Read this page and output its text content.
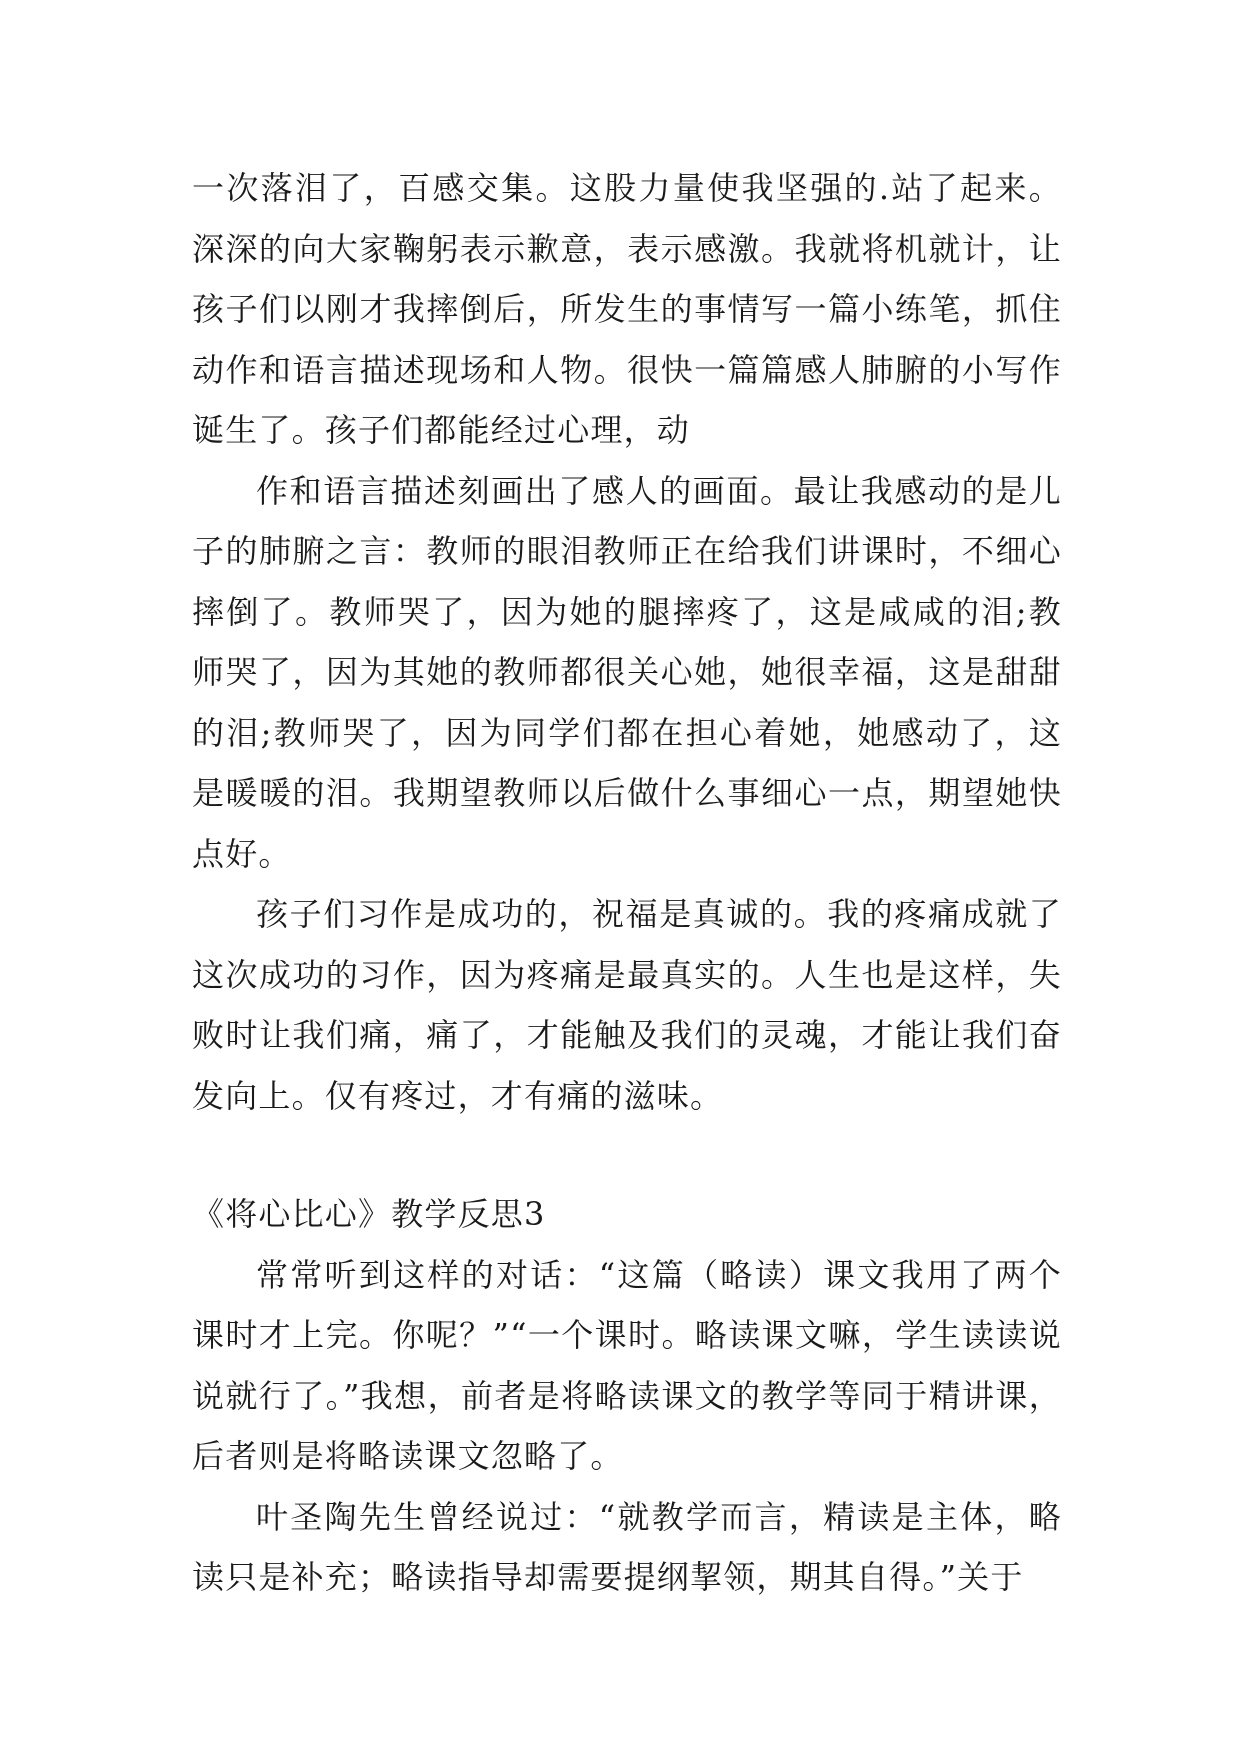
一次落泪了，百感交集。这股力量使我坚强的.站了起来。深深的向大家鞠躬表示歉意，表示感激。我就将机就计，让孩子们以刚才我摔倒后，所发生的事情写一篇小练笔，抓住动作和语言描述现场和人物。很快一篇篇感人肺腑的小写作诞生了。孩子们都能经过心理，动

作和语言描述刻画出了感人的画面。最让我感动的是儿子的肺腑之言：教师的眼泪教师正在给我们讲课时，不细心摔倒了。教师哭了，因为她的腿摔疼了，这是咸咸的泪;教师哭了，因为其她的教师都很关心她，她很幸福，这是甜甜的泪;教师哭了，因为同学们都在担心着她，她感动了，这是暖暖的泪。我期望教师以后做什么事细心一点，期望她快点好。

孩子们习作是成功的，祝福是真诚的。我的疼痛成就了这次成功的习作，因为疼痛是最真实的。人生也是这样，失败时让我们痛，痛了，才能触及我们的灵魂，才能让我们奋发向上。仅有疼过，才有痛的滋味。

《将心比心》教学反思3

常常听到这样的对话：“这篇（略读）课文我用了两个课时才上完。你呢？”“一个课时。略读课文嘛，学生读读说说就行了。”我想，前者是将略读课文的教学等同于精讲课，后者则是将略读课文忽略了。

叶圣陶先生曾经说过：“就教学而言，精读是主体，略读只是补充；略读指导却需要提纲挈领，期其自得。”关于
